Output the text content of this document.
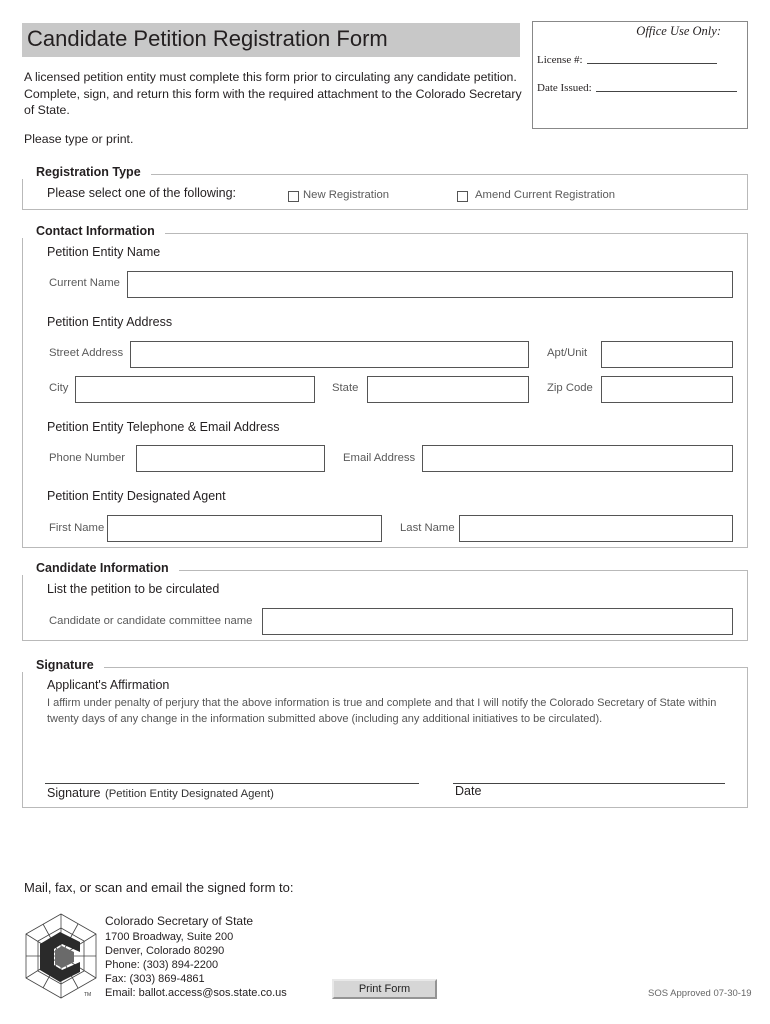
Candidate Petition Registration Form
A licensed petition entity must complete this form prior to circulating any candidate petition. Complete, sign, and return this form with the required attachment to the Colorado Secretary of State.
Please type or print.
Office Use Only:
License #:
Date Issued:
Registration Type
Please select one of the following:	New Registration	Amend Current Registration
Contact Information
Petition Entity Name
Current Name
Petition Entity Address
Street Address	Apt/Unit
City	State	Zip Code
Petition Entity Telephone & Email Address
Phone Number	Email Address
Petition Entity Designated Agent
First Name	Last Name
Candidate Information
List the petition to be circulated
Candidate or candidate committee name
Signature
Applicant's Affirmation
I affirm under penalty of perjury that the above information is true and complete and that I will notify the Colorado Secretary of State within twenty days of any change in the information submitted above (including any additional initiatives to be circulated).
Signature (Petition Entity Designated Agent)	Date
Mail, fax, or scan and email the signed form to:
TM
Colorado Secretary of State
1700 Broadway, Suite 200
Denver, Colorado 80290
Phone: (303) 894-2200
Fax: (303) 869-4861
Email: ballot.access@sos.state.co.us	Print Form	SOS Approved 07-30-19
